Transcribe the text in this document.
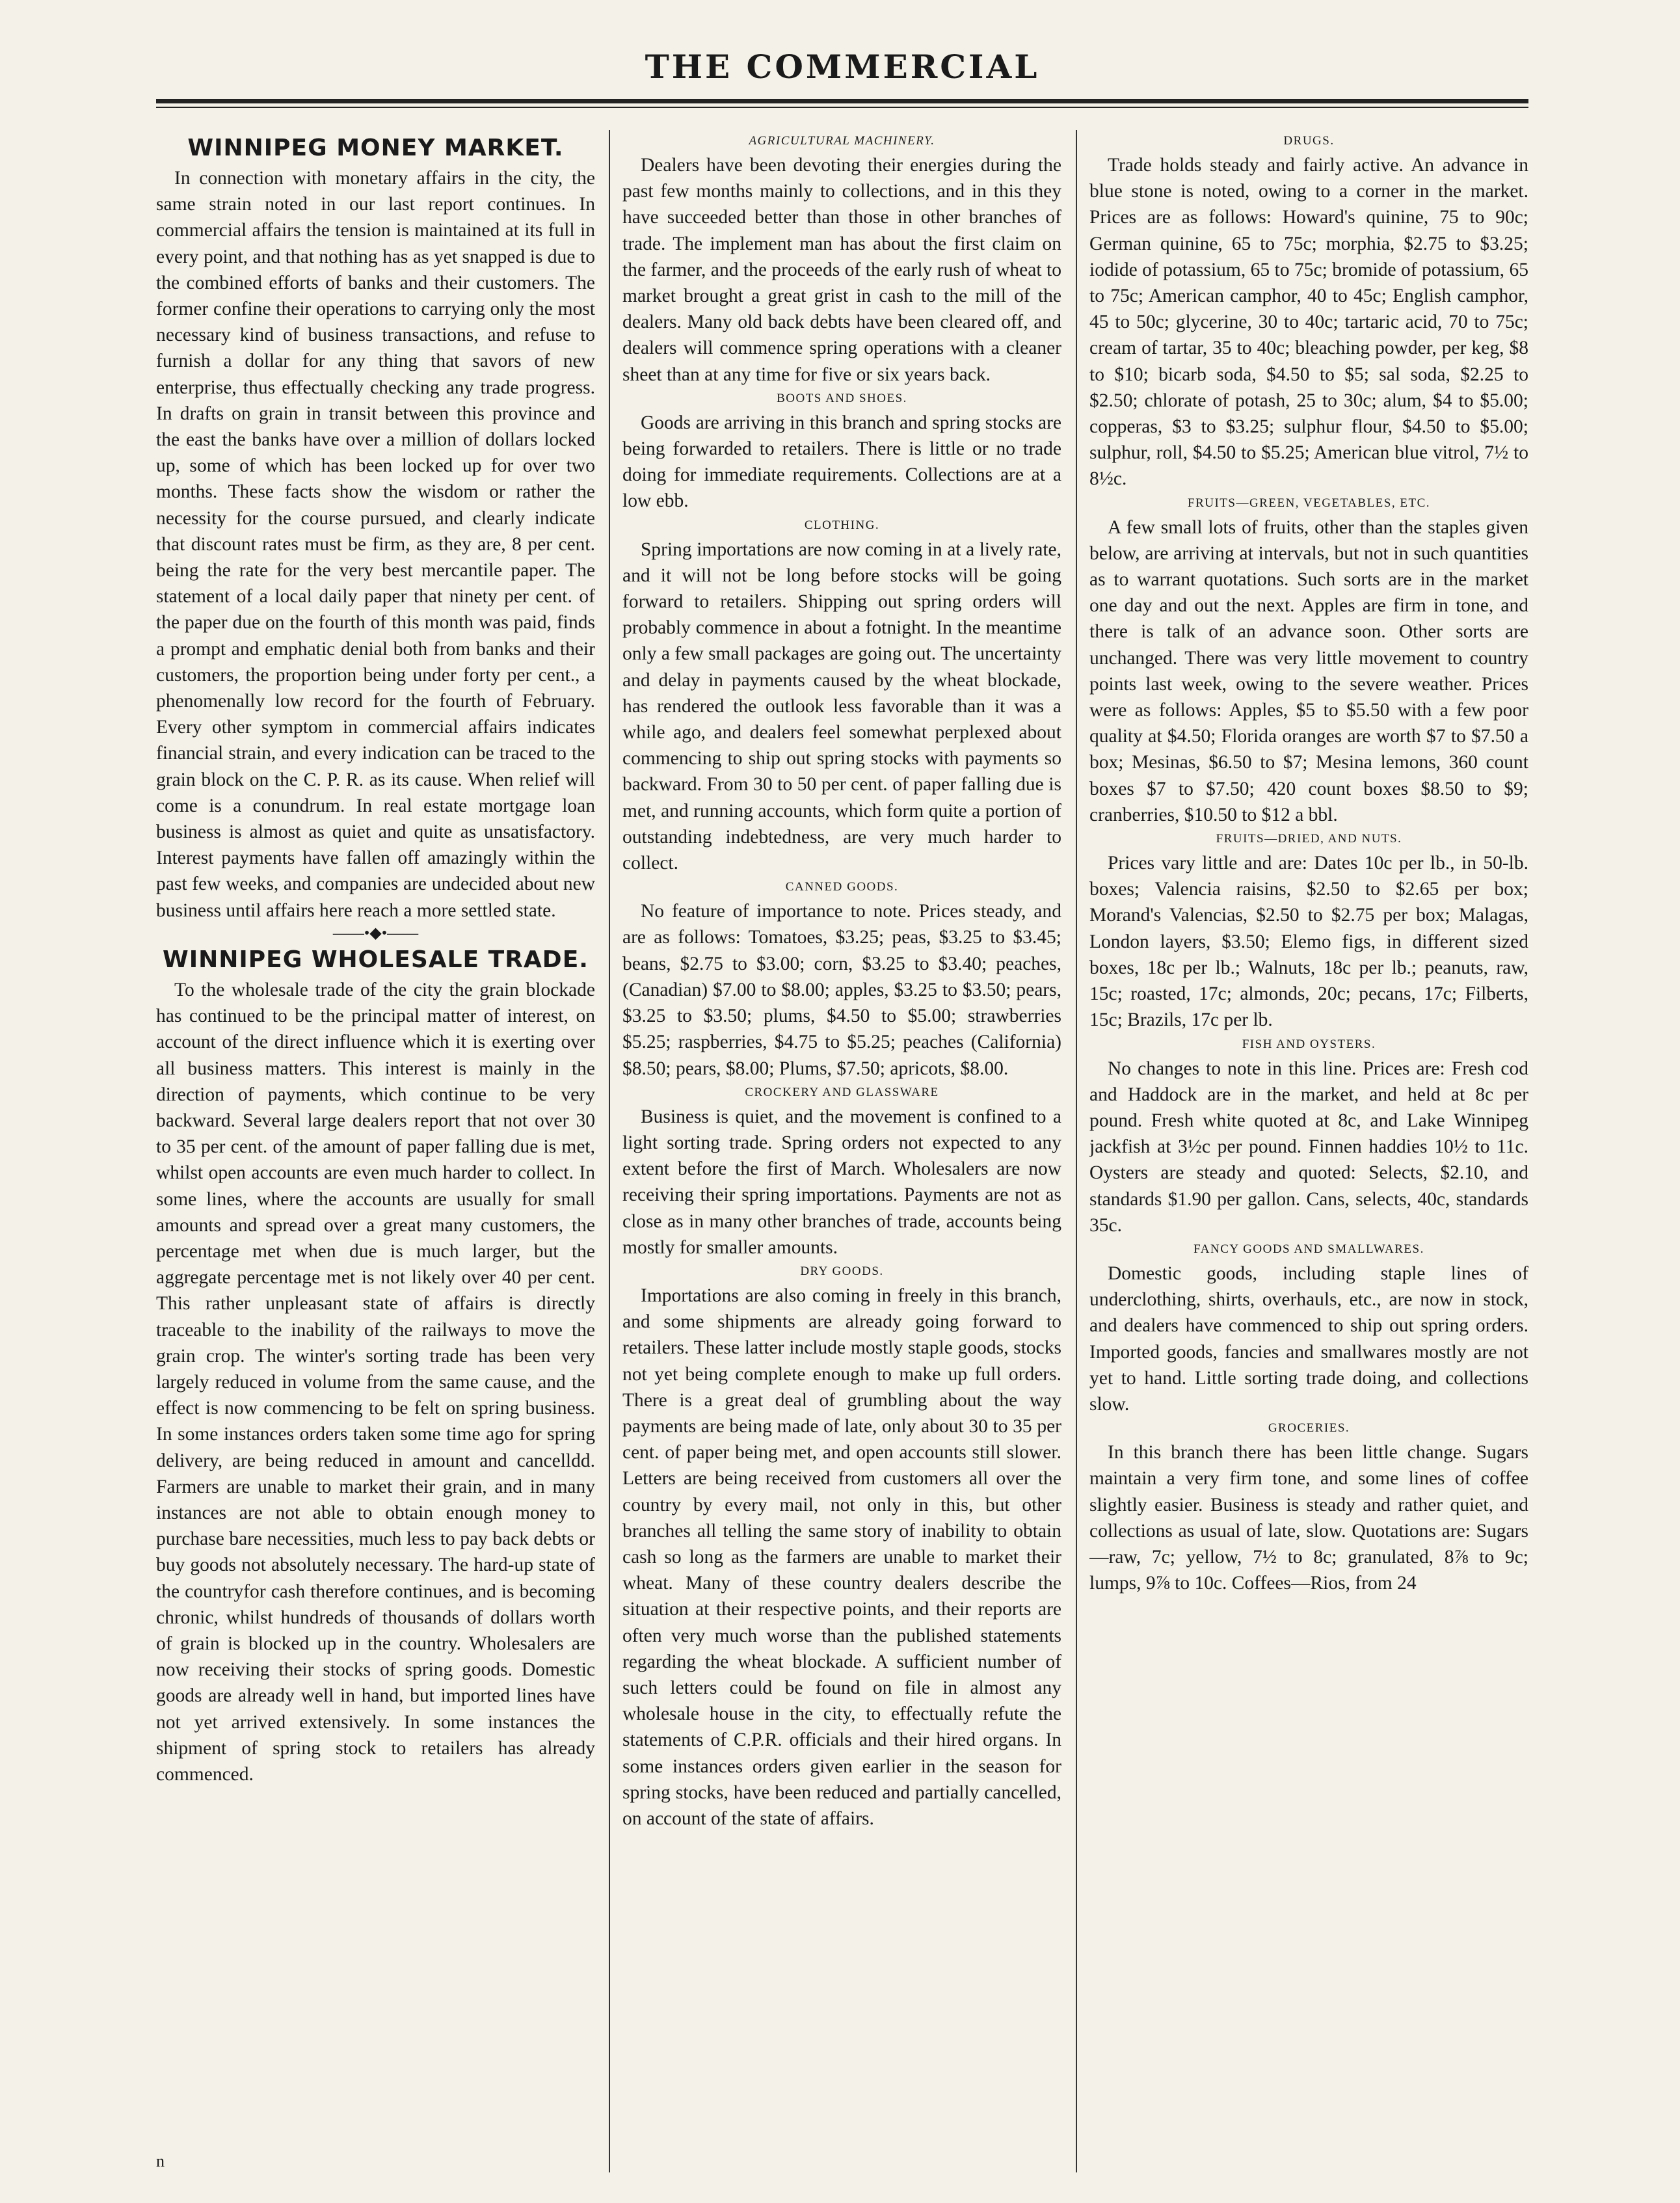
THE COMMERCIAL
WINNIPEG MONEY MARKET.

In connection with monetary affairs in the city, the same strain noted in our last report continues. In commercial affairs the tension is maintained at its full in every point, and that nothing has as yet snapped is due to the combined efforts of banks and their customers. The former confine their operations to carrying only the most necessary kind of business transactions, and refuse to furnish a dollar for any thing that savors of new enterprise, thus effectually checking any trade progress. In drafts on grain in transit between this province and the east the banks have over a million of dollars locked up, some of which has been locked up for over two months. These facts show the wisdom or rather the necessity for the course pursued, and clearly indicate that discount rates must be firm, as they are, 8 per cent. being the rate for the very best mercantile paper. The statement of a local daily paper that ninety per cent. of the paper due on the fourth of this month was paid, finds a prompt and emphatic denial both from banks and their customers, the proportion being under forty per cent., a phenomenally low record for the fourth of February. Every other symptom in commercial affairs indicates financial strain, and every indication can be traced to the grain block on the C. P. R. as its cause. When relief will come is a conundrum. In real estate mortgage loan business is almost as quiet and quite as unsatisfactory. Interest payments have fallen off amazingly within the past few weeks, and companies are undecided about new business until affairs here reach a more settled state.

——•◆•——
WINNIPEG WHOLESALE TRADE.

To the wholesale trade of the city the grain blockade has continued to be the principal matter of interest, on account of the direct influence which it is exerting over all business matters. This interest is mainly in the direction of payments, which continue to be very backward. Several large dealers report that not over 30 to 35 per cent. of the amount of paper falling due is met, whilst open accounts are even much harder to collect. In some lines, where the accounts are usually for small amounts and spread over a great many customers, the percentage met when due is much larger, but the aggregate percentage met is not likely over 40 per cent. This rather unpleasant state of affairs is directly traceable to the inability of the railways to move the grain crop. The winter's sorting trade has been very largely reduced in volume from the same cause, and the effect is now commencing to be felt on spring business. In some instances orders taken some time ago for spring delivery, are being reduced in amount and cancelldd. Farmers are unable to market their grain, and in many instances are not able to obtain enough money to purchase bare necessities, much less to pay back debts or buy goods not absolutely necessary. The hard-up state of the countryfor cash therefore continues, and is becoming chronic, whilst hundreds of thousands of dollars worth of grain is blocked up in the country. Wholesalers are now receiving their stocks of spring goods. Domestic goods are already well in hand, but imported lines have not yet arrived extensively. In some instances the shipment of spring stock to retailers has already commenced.

n
AGRICULTURAL MACHINERY.

Dealers have been devoting their energies during the past few months mainly to collections, and in this they have succeeded better than those in other branches of trade. The implement man has about the first claim on the farmer, and the proceeds of the early rush of wheat to market brought a great grist in cash to the mill of the dealers. Many old back debts have been cleared off, and dealers will commence spring operations with a cleaner sheet than at any time for five or six years back.

BOOTS AND SHOES.

Goods are arriving in this branch and spring stocks are being forwarded to retailers. There is little or no trade doing for immediate requirements. Collections are at a low ebb.

CLOTHING.

Spring importations are now coming in at a lively rate, and it will not be long before stocks will be going forward to retailers. Shipping out spring orders will probably commence in about a fotnight. In the meantime only a few small packages are going out. The uncertainty and delay in payments caused by the wheat blockade, has rendered the outlook less favorable than it was a while ago, and dealers feel somewhat perplexed about commencing to ship out spring stocks with payments so backward. From 30 to 50 per cent. of paper falling due is met, and running accounts, which form quite a portion of outstanding indebtedness, are very much harder to collect.

CANNED GOODS.

No feature of importance to note. Prices steady, and are as follows: Tomatoes, $3.25; peas, $3.25 to $3.45; beans, $2.75 to $3.00; corn, $3.25 to $3.40; peaches, (Canadian) $7.00 to $8.00; apples, $3.25 to $3.50; pears, $3.25 to $3.50; plums, $4.50 to $5.00; strawberries $5.25; raspberries, $4.75 to $5.25; peaches (California) $8.50; pears, $8.00; Plums, $7.50; apricots, $8.00.

CROCKERY AND GLASSWARE

Business is quiet, and the movement is confined to a light sorting trade. Spring orders not expected to any extent before the first of March. Wholesalers are now receiving their spring importations. Payments are not as close as in many other branches of trade, accounts being mostly for smaller amounts.

DRY GOODS.

Importations are also coming in freely in this branch, and some shipments are already going forward to retailers. These latter include mostly staple goods, stocks not yet being complete enough to make up full orders. There is a great deal of grumbling about the way payments are being made of late, only about 30 to 35 per cent. of paper being met, and open accounts still slower. Letters are being received from customers all over the country by every mail, not only in this, but other branches all telling the same story of inability to obtain cash so long as the farmers are unable to market their wheat. Many of these country dealers describe the situation at their respective points, and their reports are often very much worse than the published statements regarding the wheat blockade. A sufficient number of such letters could be found on file in almost any wholesale house in the city, to effectually refute the statements of C.P.R. officials and their hired organs. In some instances orders given earlier in the season for spring stocks, have been reduced and partially cancelled, on account of the state of affairs.

DRUGS.

Trade holds steady and fairly active. An advance in blue stone is noted, owing to a corner in the market. Prices are as follows: Howard's quinine, 75 to 90c; German quinine, 65 to 75c; morphia, $2.75 to $3.25; iodide of potassium, 65 to 75c; bromide of potassium, 65 to 75c; American camphor, 40 to 45c; English camphor, 45 to 50c; glycerine, 30 to 40c; tartaric acid, 70 to 75c; cream of tartar, 35 to 40c; bleaching powder, per keg, $8 to $10; bicarb soda, $4.50 to $5; sal soda, $2.25 to $2.50; chlorate of potash, 25 to 30c; alum, $4 to $5.00; copperas, $3 to $3.25; sulphur flour, $4.50 to $5.00; sulphur, roll, $4.50 to $5.25; American blue vitrol, 7½ to 8½c.

FRUITS—GREEN, VEGETABLES, ETC.

A few small lots of fruits, other than the staples given below, are arriving at intervals, but not in such quantities as to warrant quotations. Such sorts are in the market one day and out the next. Apples are firm in tone, and there is talk of an advance soon. Other sorts are unchanged. There was very little movement to country points last week, owing to the severe weather. Prices were as follows: Apples, $5 to $5.50 with a few poor quality at $4.50; Florida oranges are worth $7 to $7.50 a box; Mesinas, $6.50 to $7; Mesina lemons, 360 count boxes $7 to $7.50; 420 count boxes $8.50 to $9; cranberries, $10.50 to $12 a bbl.

FRUITS—DRIED, AND NUTS.

Prices vary little and are: Dates 10c per lb., in 50-lb. boxes; Valencia raisins, $2.50 to $2.65 per box; Morand's Valencias, $2.50 to $2.75 per box; Malagas, London layers, $3.50; Elemo figs, in different sized boxes, 18c per lb.; Walnuts, 18c per lb.; peanuts, raw, 15c; roasted, 17c; almonds, 20c; pecans, 17c; Filberts, 15c; Brazils, 17c per lb.

FISH AND OYSTERS.

No changes to note in this line. Prices are: Fresh cod and Haddock are in the market, and held at 8c per pound. Fresh white quoted at 8c, and Lake Winnipeg jackfish at 3½c per pound. Finnen haddies 10½ to 11c. Oysters are steady and quoted: Selects, $2.10, and standards $1.90 per gallon. Cans, selects, 40c, standards 35c.

FANCY GOODS AND SMALLWARES.

Domestic goods, including staple lines of underclothing, shirts, overhauls, etc., are now in stock, and dealers have commenced to ship out spring orders. Imported goods, fancies and smallwares mostly are not yet to hand. Little sorting trade doing, and collections slow.

GROCERIES.

In this branch there has been little change. Sugars maintain a very firm tone, and some lines of coffee slightly easier. Business is steady and rather quiet, and collections as usual of late, slow. Quotations are: Sugars—raw, 7c; yellow, 7½ to 8c; granulated, 8⅞ to 9c; lumps, 9⅞ to 10c. Coffees—Rios, from 24
